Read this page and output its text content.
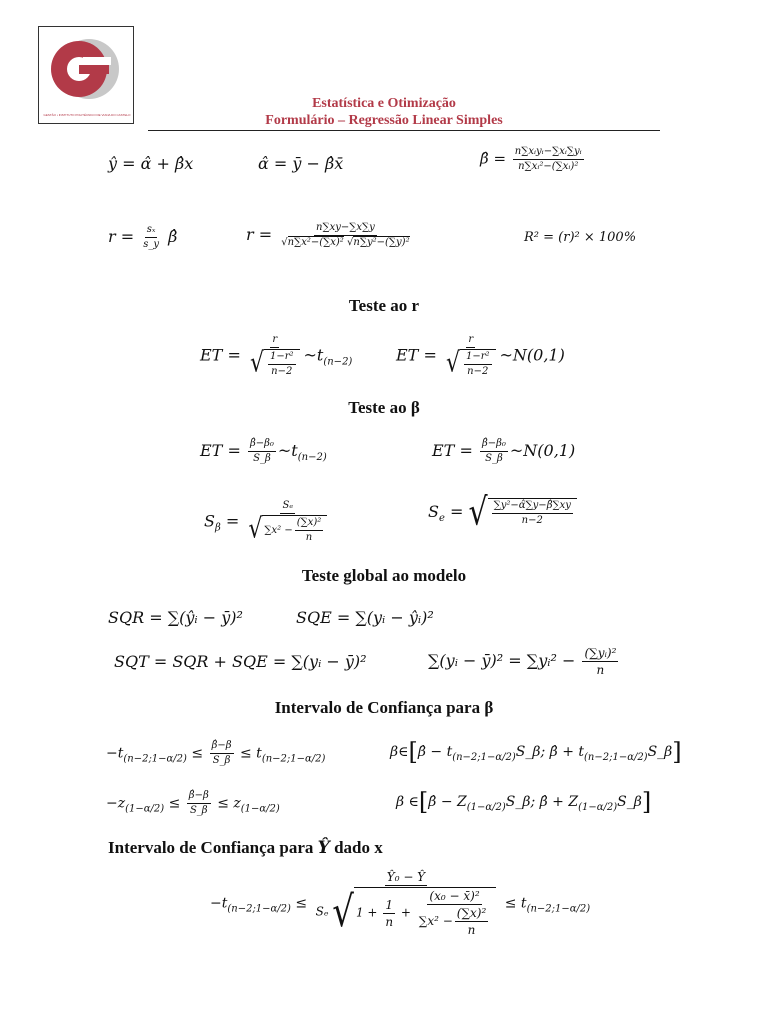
GESTÃO • INSTITUTO POLITÉCNICO DE VIANA DO CASTELO
Estatística e Otimização
Formulário – Regressão Linear Simples
ŷ = α̂ + β̂x	α̂ = ȳ − β̂x̄	β̂ = $\frac{\text{n∑xᵢyᵢ−∑xᵢ∑yᵢ}}{\text{n∑xᵢ²−(∑xᵢ)²}}$
$r = \frac{\text{sₓ}}{s\_y}$ β̂	$r = \frac{n\sum xy-\sum x\sum y}{\text{√n∑x²−(∑x)² √n∑y²−(∑y)²}}$	R² = (r)² × 100%
Teste ao r
ET = $\frac{r}{√ \frac{\text{1−r²}}{n-2}}$ $\sim t_{(n-2)}$	ET = $\frac{r}{√ \frac{\text{1−r²}}{n-2}}$ ~N(0,1)
Teste ao β
ET = $\frac{\text{β̂−β₀}}{S\_\beta}$ $\sim t_{(n-2)}$	ET = $\frac{\text{β̂−β₀}}{S\_\beta}$ ~N(0,1)
$S_\beta = \frac{\text{Sₑ}}{√ \sum x^2 - \frac{\text{(∑x)²}}{n}}$	$S_e$ = √ $\frac{\text{∑y²−α̂∑y−β̂∑xy}}{n-2}$
Teste global ao modelo
SQR = ∑(ŷᵢ − ȳ)²	SQE = ∑(yᵢ − ŷᵢ)²
SQT = SQR + SQE = ∑(yᵢ − ȳ)²	∑(yᵢ − ȳ)² = ∑yᵢ² − $\frac{\text{(∑yᵢ)²}}{n}$
Intervalo de Confiança para β
$-t_{(n-2;1-\alpha/2)} \le \frac{\betâ-\beta}{S\_\beta} \le t_{(n-2;1-\alpha/2)}$	β∈[β̂ − $t_{(n-2;1-\alpha/2)}S\_\beta$; β̂ + $t_{(n-2;1-\alpha/2)}S\_\beta$]
$-z_{(1-\alpha/2)} \le \frac{\betâ-\beta}{S\_\beta} \le z_{(1-\alpha/2)}$	β ∈[β̂ − $Z_{(1-\alpha/2)}S\_\beta$; β̂ + $Z_{(1-\alpha/2)}S\_\beta$]
Intervalo de Confiança para Ŷ dado x
$-t_{(n-2;1-\alpha/2)}$ ≤
Ŷ₀ − Ŷ
Sₑ √ $1 + \frac{1}{n} + \frac{\text{(x₀ − x̄)²}}{\sum x^2 - \frac{\text{(∑x)²}}{n}} \le t_{(n-2;1-\alpha/2)}$
